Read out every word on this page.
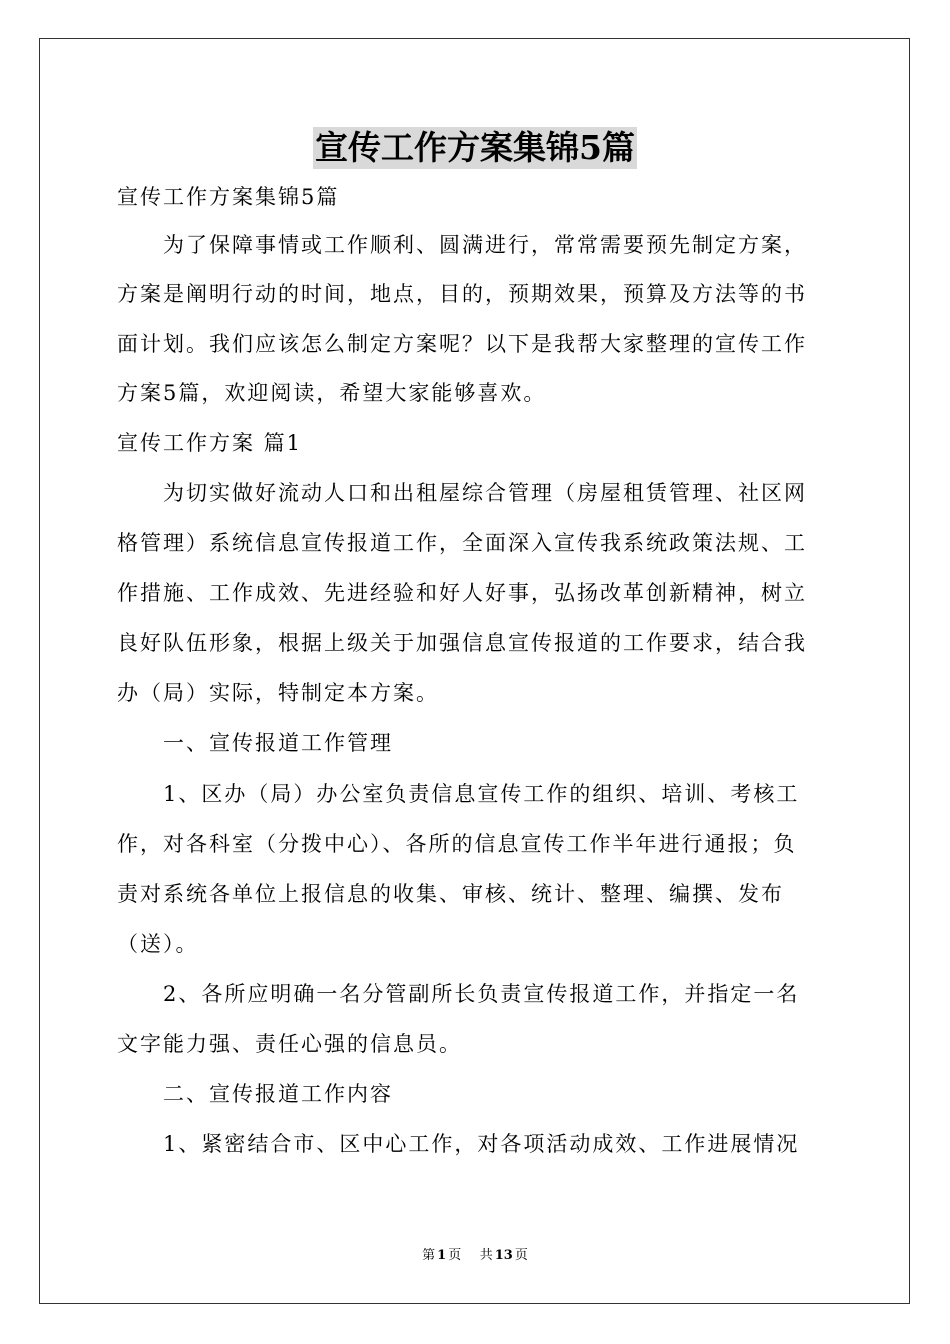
宣传工作方案集锦5篇
宣传工作方案集锦5篇
　　为了保障事情或工作顺利、圆满进行，常常需要预先制定方案，
方案是阐明行动的时间，地点，目的，预期效果，预算及方法等的书
面计划。我们应该怎么制定方案呢？以下是我帮大家整理的宣传工作
方案5篇，欢迎阅读，希望大家能够喜欢。
宣传工作方案 篇1
　　为切实做好流动人口和出租屋综合管理（房屋租赁管理、社区网
格管理）系统信息宣传报道工作，全面深入宣传我系统政策法规、工
作措施、工作成效、先进经验和好人好事，弘扬改革创新精神，树立
良好队伍形象，根据上级关于加强信息宣传报道的工作要求，结合我
办（局）实际，特制定本方案。
　　一、宣传报道工作管理
　　1、区办（局）办公室负责信息宣传工作的组织、培训、考核工
作，对各科室（分拨中心）、各所的信息宣传工作半年进行通报；负
责对系统各单位上报信息的收集、审核、统计、整理、编撰、发布
（送）。
　　2、各所应明确一名分管副所长负责宣传报道工作，并指定一名
文字能力强、责任心强的信息员。
　　二、宣传报道工作内容
　　1、紧密结合市、区中心工作，对各项活动成效、工作进展情况
第 1 页 共 13 页
